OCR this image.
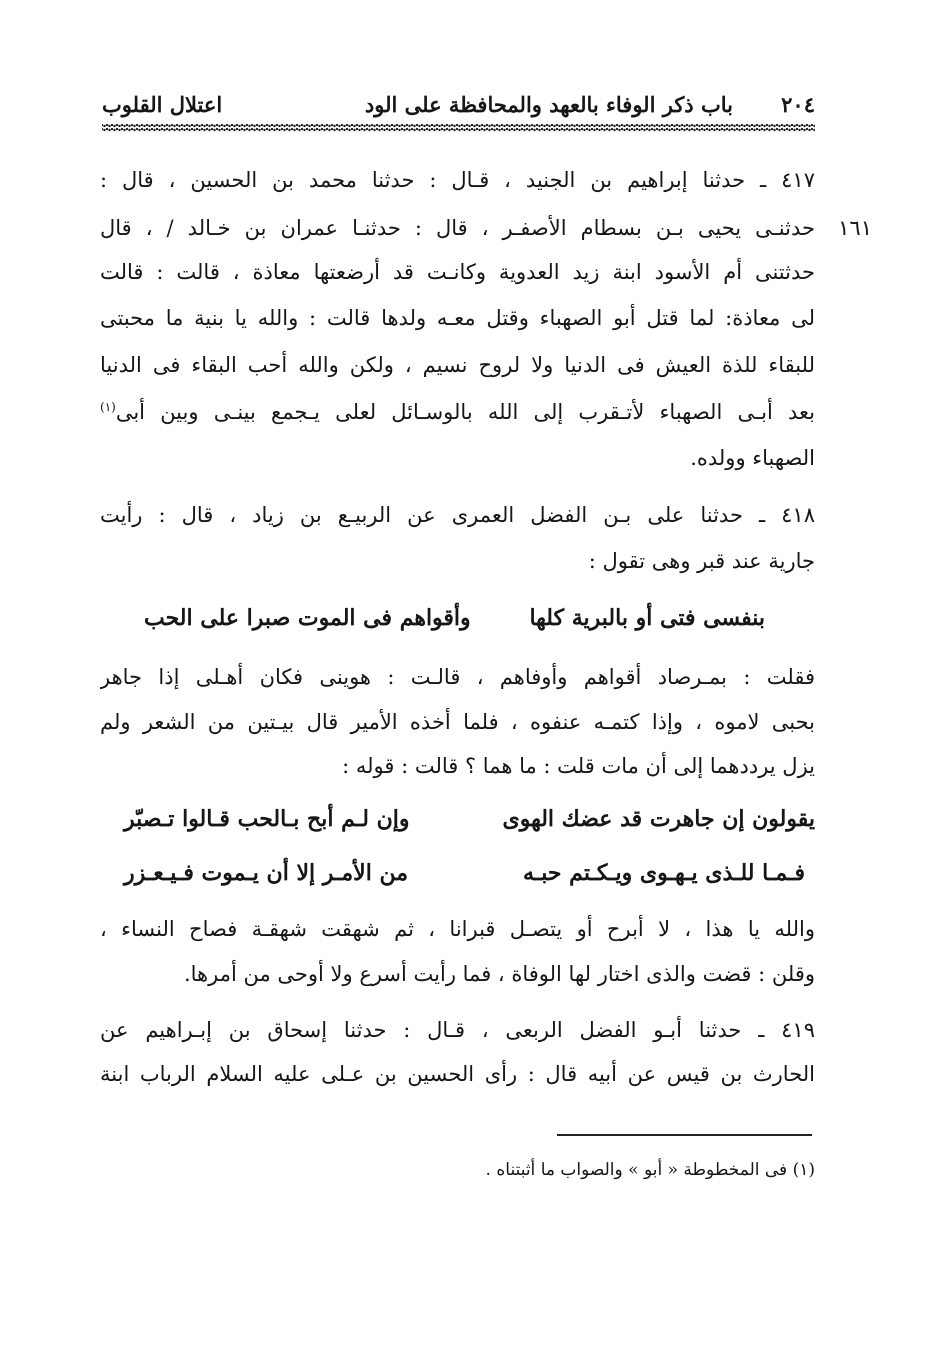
٢٠٤
باب ذكر الوفاء بالعهد والمحافظة على الود
اعتلال القلوب
٤١٧ ـ حدثنا إبراهيم بن الجنيد ، قـال : حدثنا محمد بن الحسين ، قال :
١٦١
حدثنـى يحيى بـن بسطام الأصفـر ، قال : حدثنـا عمران بن خـالد / ، قال
حدثتنى أم الأسود ابنة زيد العدوية وكانـت قد أرضعتها معاذة ، قالت : قالت
لى معاذة: لما قتل أبو الصهباء وقتل معـه ولدها قالت : والله يا بنية ما محبتى
للبقاء للذة العيش فى الدنيا ولا لروح نسيم ، ولكن والله أحب البقاء فى الدنيا
بعد أبـى الصهباء لأتـقرب إلى الله بالوسـائل لعلى يـجمع بينـى وبين أبى$^{(١)}$
الصهباء وولده.
٤١٨ ـ حدثنا على بـن الفضل العمرى عن الربيـع بن زياد ، قال : رأيت
جارية عند قبر وهى تقول :
بنفسى فتى أو بالبرية كلها
وأقواهم فى الموت صبرا على الحب
فقلت : بمـرصاد أقواهم وأوفاهم ، قالـت : هوينى فكان أهـلى إذا جاهر
بحبى لاموه ، وإذا كتمـه عنفوه ، فلما أخذه الأمير قال بيـتين من الشعر ولم
يزل يرددهما إلى أن مات قلت : ما هما ؟ قالت : قوله :
يقولون إن جاهرت قد عضك الهوى
وإن لـم أبح بـالحب قـالوا تـصبّر
فـمـا للـذى يـهـوى ويـكـتم حبـه
من الأمـر إلا أن يـموت فـيـعـزر
والله يا هذا ، لا أبرح أو يتصـل قبرانا ، ثم شهقت شهقـة فصاح النساء ،
وقلن : قضت والذى اختار لها الوفاة ، فما رأيت أسرع ولا أوحى من أمرها.
٤١٩ ـ حدثنا أبـو الفضل الربعى ، قـال : حدثنا إسحاق بن إبـراهيم عن
الحارث بن قيس عن أبيه قال : رأى الحسين بن عـلى عليه السلام الرباب ابنة
(١) فى المخطوطة « أبو » والصواب ما أثبتناه .
